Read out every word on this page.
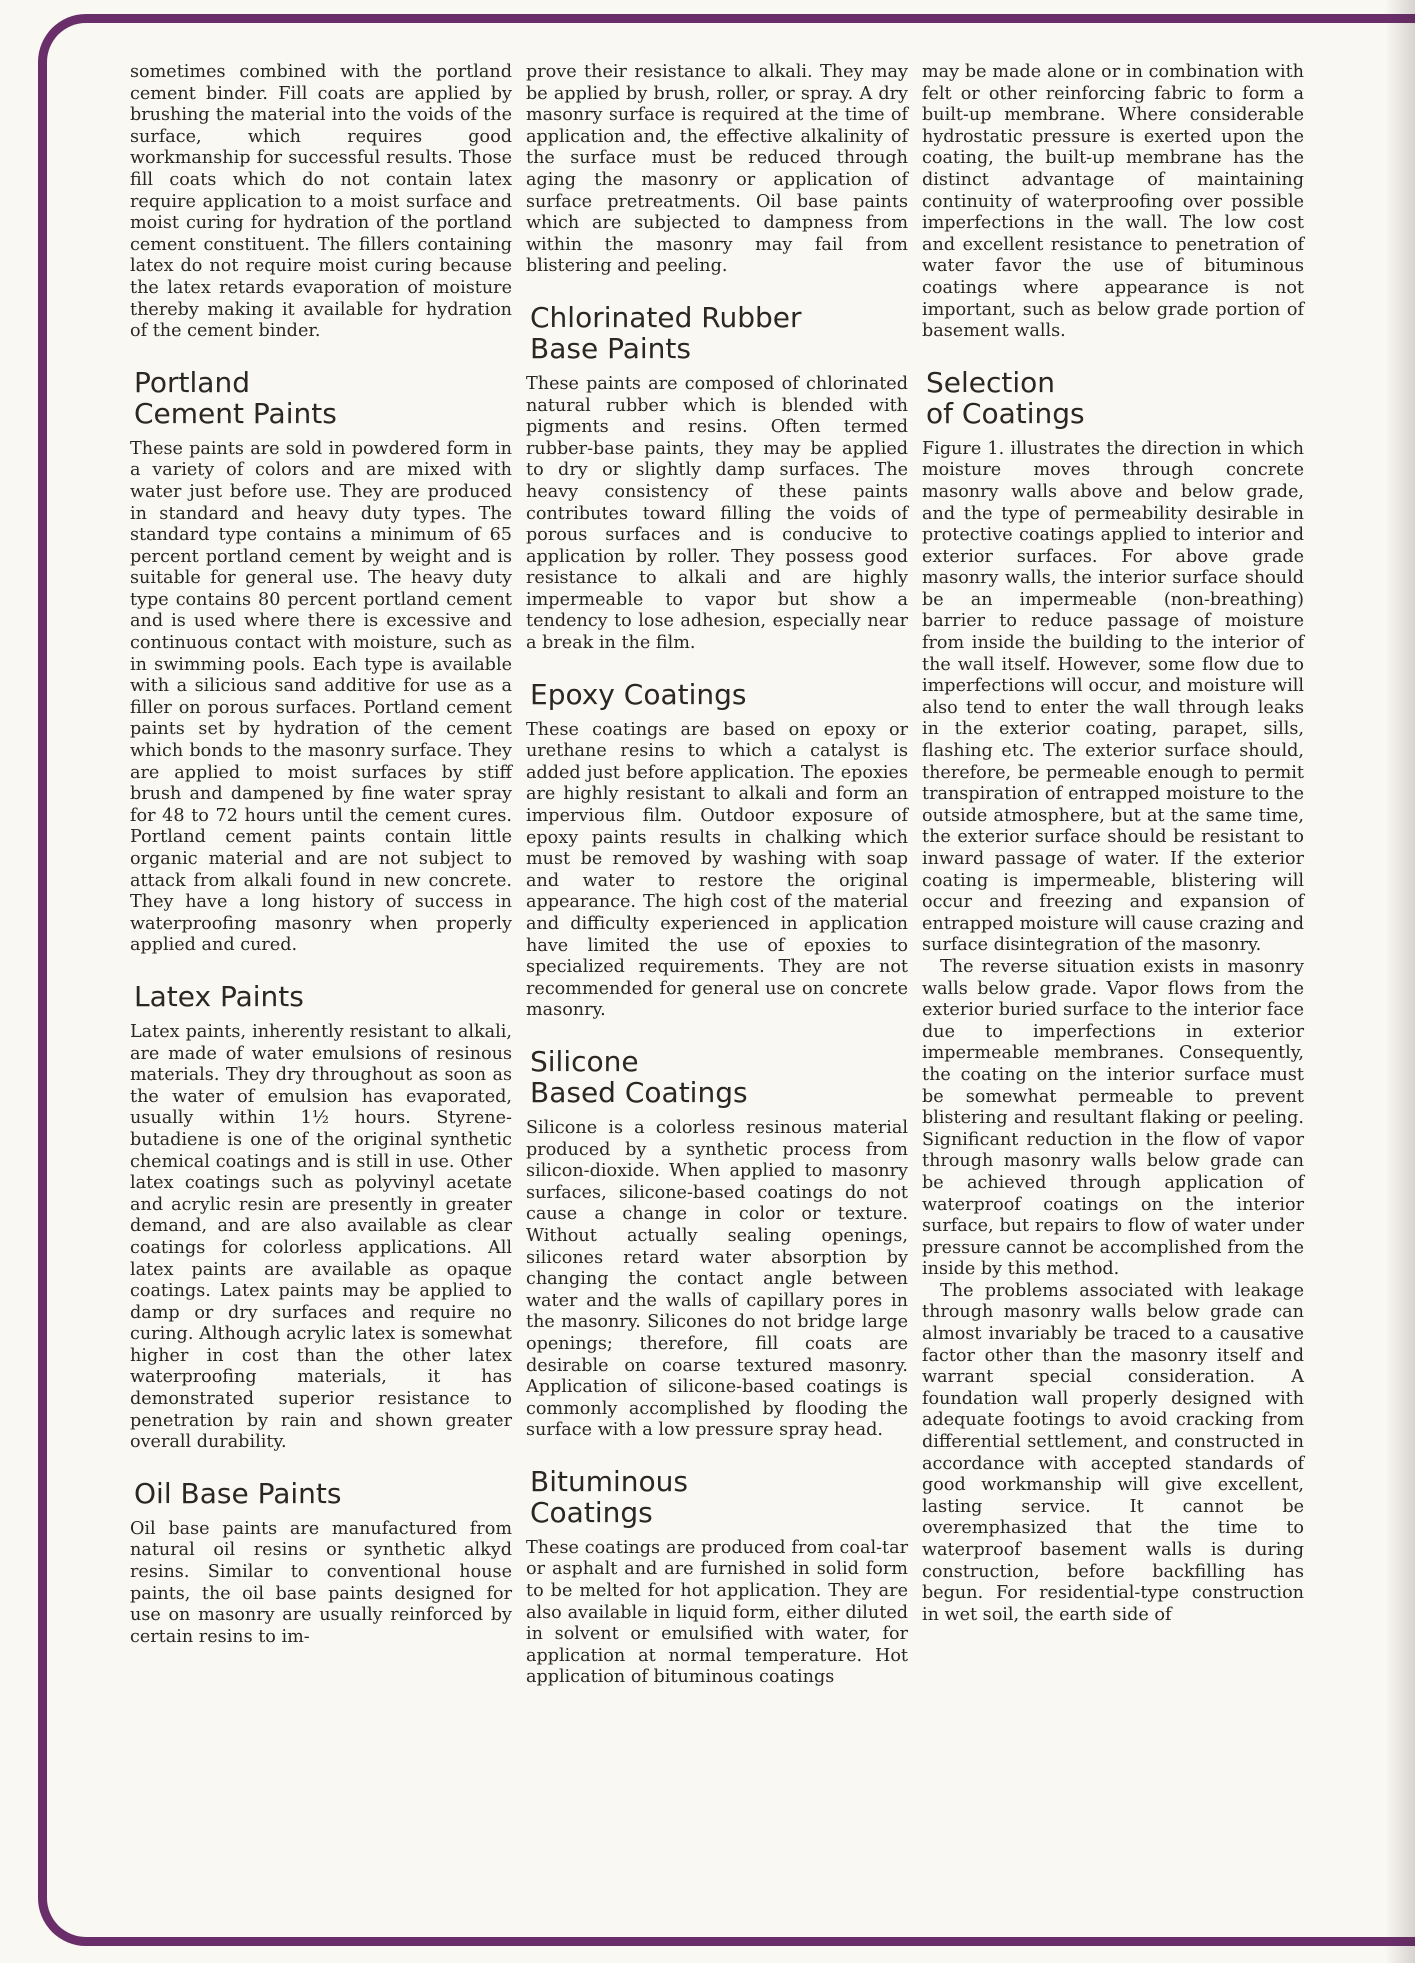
sometimes combined with the portland cement binder. Fill coats are applied by brushing the material into the voids of the surface, which requires good workmanship for successful results. Those fill coats which do not contain latex require application to a moist surface and moist curing for hydration of the portland cement constituent. The fillers containing latex do not require moist curing because the latex retards evaporation of moisture thereby making it available for hydration of the cement binder.

Portland
Cement Paints

These paints are sold in powdered form in a variety of colors and are mixed with water just before use. They are produced in standard and heavy duty types. The standard type contains a minimum of 65 percent portland cement by weight and is suitable for general use. The heavy duty type contains 80 percent portland cement and is used where there is excessive and continuous contact with moisture, such as in swimming pools. Each type is available with a silicious sand additive for use as a filler on porous surfaces. Portland cement paints set by hydration of the cement which bonds to the masonry surface. They are applied to moist surfaces by stiff brush and dampened by fine water spray for 48 to 72 hours until the cement cures. Portland cement paints contain little organic material and are not subject to attack from alkali found in new concrete. They have a long history of success in waterproofing masonry when properly applied and cured.

Latex Paints

Latex paints, inherently resistant to alkali, are made of water emulsions of resinous materials. They dry throughout as soon as the water of emulsion has evaporated, usually within 1½ hours. Styrene-butadiene is one of the original synthetic chemical coatings and is still in use. Other latex coatings such as polyvinyl acetate and acrylic resin are presently in greater demand, and are also available as clear coatings for colorless applications. All latex paints are available as opaque coatings. Latex paints may be applied to damp or dry surfaces and require no curing. Although acrylic latex is somewhat higher in cost than the other latex waterproofing materials, it has demonstrated superior resistance to penetration by rain and shown greater overall durability.

Oil Base Paints

Oil base paints are manufactured from natural oil resins or synthetic alkyd resins. Similar to conventional house paints, the oil base paints designed for use on masonry are usually reinforced by certain resins to im-

prove their resistance to alkali. They may be applied by brush, roller, or spray. A dry masonry surface is required at the time of application and, the effective alkalinity of the surface must be reduced through aging the masonry or application of surface pretreatments. Oil base paints which are subjected to dampness from within the masonry may fail from blistering and peeling.

Chlorinated Rubber
Base Paints

These paints are composed of chlorinated natural rubber which is blended with pigments and resins. Often termed rubber-base paints, they may be applied to dry or slightly damp surfaces. The heavy consistency of these paints contributes toward filling the voids of porous surfaces and is conducive to application by roller. They possess good resistance to alkali and are highly impermeable to vapor but show a tendency to lose adhesion, especially near a break in the film.

Epoxy Coatings

These coatings are based on epoxy or urethane resins to which a catalyst is added just before application. The epoxies are highly resistant to alkali and form an impervious film. Outdoor exposure of epoxy paints results in chalking which must be removed by washing with soap and water to restore the original appearance. The high cost of the material and difficulty experienced in application have limited the use of epoxies to specialized requirements. They are not recommended for general use on concrete masonry.

Silicone
Based Coatings

Silicone is a colorless resinous material produced by a synthetic process from silicon-dioxide. When applied to masonry surfaces, silicone-based coatings do not cause a change in color or texture. Without actually sealing openings, silicones retard water absorption by changing the contact angle between water and the walls of capillary pores in the masonry. Silicones do not bridge large openings; therefore, fill coats are desirable on coarse textured masonry. Application of silicone-based coatings is commonly accomplished by flooding the surface with a low pressure spray head.

Bituminous
Coatings

These coatings are produced from coal-tar or asphalt and are furnished in solid form to be melted for hot application. They are also available in liquid form, either diluted in solvent or emulsified with water, for application at normal temperature. Hot application of bituminous coatings

may be made alone or in combination with felt or other reinforcing fabric to form a built-up membrane. Where considerable hydrostatic pressure is exerted upon the coating, the built-up membrane has the distinct advantage of maintaining continuity of waterproofing over possible imperfections in the wall. The low cost and excellent resistance to penetration of water favor the use of bituminous coatings where appearance is not important, such as below grade portion of basement walls.

Selection
of Coatings

Figure 1. illustrates the direction in which moisture moves through concrete masonry walls above and below grade, and the type of permeability desirable in protective coatings applied to interior and exterior surfaces. For above grade masonry walls, the interior surface should be an impermeable (non-breathing) barrier to reduce passage of moisture from inside the building to the interior of the wall itself. However, some flow due to imperfections will occur, and moisture will also tend to enter the wall through leaks in the exterior coating, parapet, sills, flashing etc. The exterior surface should, therefore, be permeable enough to permit transpiration of entrapped moisture to the outside atmosphere, but at the same time, the exterior surface should be resistant to inward passage of water. If the exterior coating is impermeable, blistering will occur and freezing and expansion of entrapped moisture will cause crazing and surface disintegration of the masonry.

The reverse situation exists in masonry walls below grade. Vapor flows from the exterior buried surface to the interior face due to imperfections in exterior impermeable membranes. Consequently, the coating on the interior surface must be somewhat permeable to prevent blistering and resultant flaking or peeling. Significant reduction in the flow of vapor through masonry walls below grade can be achieved through application of waterproof coatings on the interior surface, but repairs to flow of water under pressure cannot be accomplished from the inside by this method.

The problems associated with leakage through masonry walls below grade can almost invariably be traced to a causative factor other than the masonry itself and warrant special consideration. A foundation wall properly designed with adequate footings to avoid cracking from differential settlement, and constructed in accordance with accepted standards of good workmanship will give excellent, lasting service. It cannot be overemphasized that the time to waterproof basement walls is during construction, before backfilling has begun. For residential-type construction in wet soil, the earth side of
